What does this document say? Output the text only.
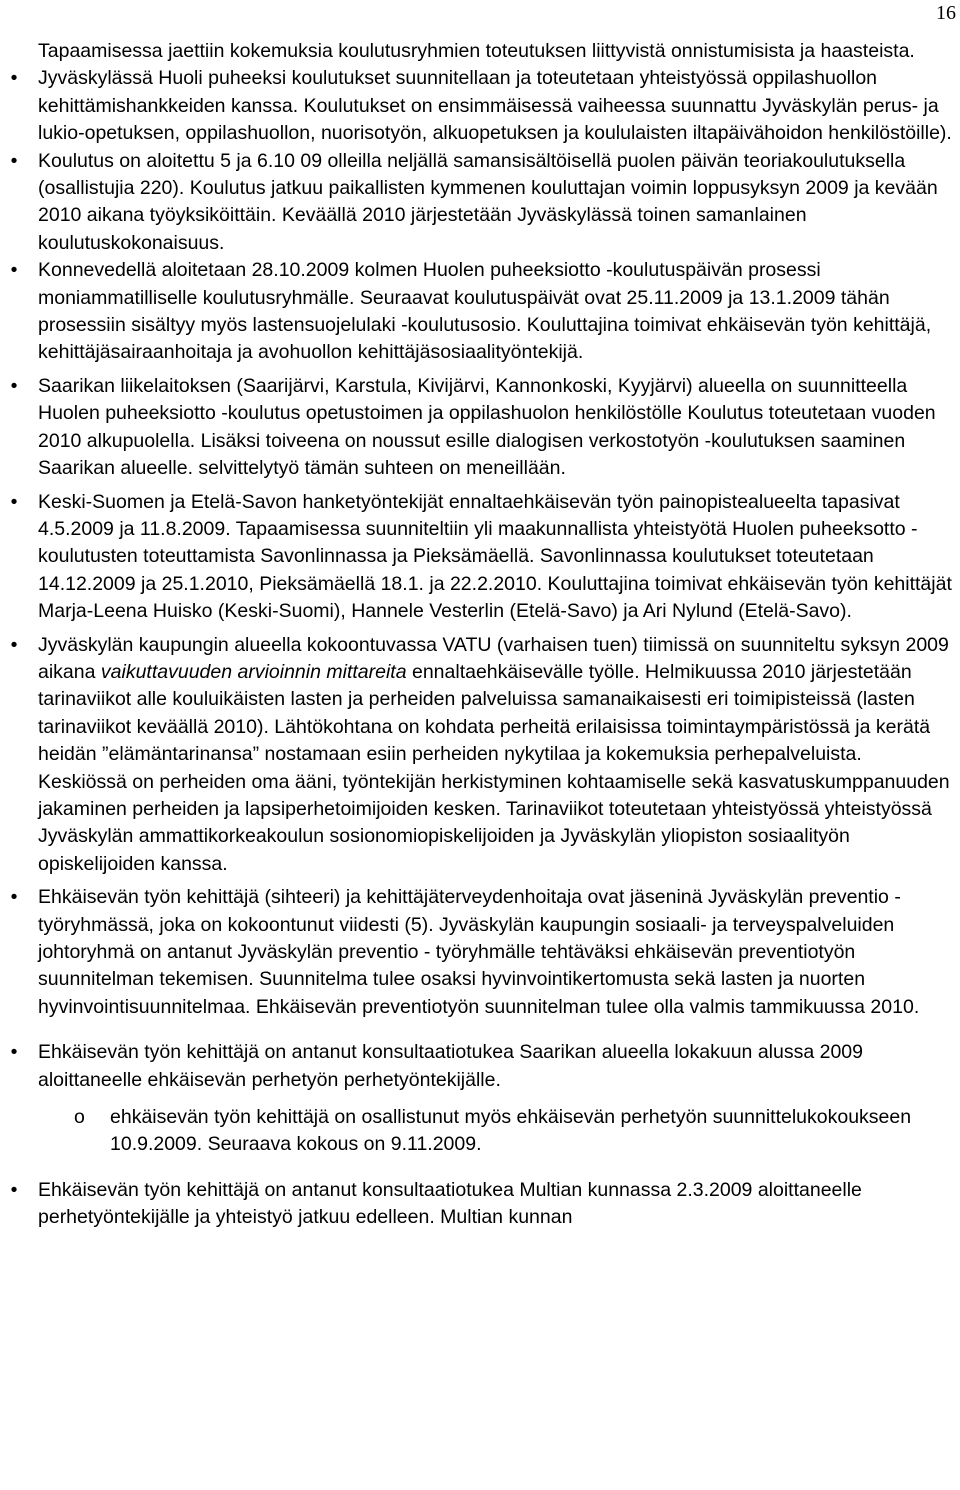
16

Tapaamisessa jaettiin kokemuksia koulutusryhmien toteutuksen liittyvistä onnistumisista ja haasteista.

•	Jyväskylässä Huoli puheeksi koulutukset suunnitellaan ja toteutetaan yhteistyössä oppilashuollon kehittämishankkeiden kanssa. Koulutukset on ensimmäisessä vaiheessa suunnattu Jyväskylän perus- ja lukio-opetuksen, oppilashuollon, nuorisotyön, alkuopetuksen ja koululaisten iltapäivähoidon henkilöstöille).
•	Koulutus on aloitettu 5 ja 6.10 09 olleilla neljällä samansisältöisellä puolen päivän teoriakoulutuksella (osallistujia 220). Koulutus jatkuu paikallisten kymmenen kouluttajan voimin loppusyksyn 2009 ja kevään 2010 aikana työyksiköittäin. Keväällä 2010 järjestetään Jyväskylässä toinen samanlainen koulutuskokonaisuus.
•	Konnevedellä aloitetaan 28.10.2009 kolmen Huolen puheeksiotto -koulutuspäivän prosessi moniammatilliselle koulutusryhmälle. Seuraavat koulutuspäivät ovat 25.11.2009 ja 13.1.2009 tähän prosessiin sisältyy myös lastensuojelulaki -koulutusosio. Kouluttajina toimivat ehkäisevän työn kehittäjä, kehittäjäsairaanhoitaja ja avohuollon kehittäjäsosiaalityöntekijä.
•	Saarikan liikelaitoksen (Saarijärvi, Karstula, Kivijärvi, Kannonkoski, Kyyjärvi) alueella on suunnitteella Huolen puheeksiotto -koulutus opetustoimen ja oppilashuolon henkilöstölle Koulutus toteutetaan vuoden 2010 alkupuolella. Lisäksi toiveena on noussut esille dialogisen verkostotyön -koulutuksen saaminen Saarikan alueelle. selvittelytyö tämän suhteen on meneillään.
•	Keski-Suomen ja Etelä-Savon hanketyöntekijät ennaltaehkäisevän työn painopistealueelta tapasivat 4.5.2009 ja 11.8.2009. Tapaamisessa suunniteltiin yli maakunnallista yhteistyötä Huolen puheeksotto -koulutusten toteuttamista Savonlinnassa ja Pieksämäellä. Savonlinnassa koulutukset toteutetaan 14.12.2009 ja 25.1.2010, Pieksämäellä 18.1. ja 22.2.2010. Kouluttajina toimivat ehkäisevän työn kehittäjät Marja-Leena Huisko (Keski-Suomi), Hannele Vesterlin (Etelä-Savo) ja Ari Nylund (Etelä-Savo).
•	Jyväskylän kaupungin alueella kokoontuvassa VATU (varhaisen tuen) tiimissä on suunniteltu syksyn 2009 aikana vaikuttavuuden arvioinnin mittareita ennaltaehkäisevälle työlle. Helmikuussa 2010 järjestetään tarinaviikot alle kouluikäisten lasten ja perheiden palveluissa samanaikaisesti eri toimipisteissä (lasten tarinaviikot keväällä 2010). Lähtökohtana on kohdata perheitä erilaisissa toimintaympäristössä ja kerätä heidän ”elämäntarinansa” nostamaan esiin perheiden nykytilaa ja kokemuksia perhepalveluista. Keskiössä on perheiden oma ääni, työntekijän herkistyminen kohtaamiselle sekä kasvatuskumppanuuden jakaminen perheiden ja lapsiperhetoimijoiden kesken. Tarinaviikot toteutetaan yhteistyössä yhteistyössä Jyväskylän ammattikorkeakoulun sosionomiopiskelijoiden ja Jyväskylän yliopiston sosiaalityön opiskelijoiden kanssa.
•	Ehkäisevän työn kehittäjä (sihteeri) ja kehittäjäterveydenhoitaja ovat jäseninä Jyväskylän preventio -työryhmässä, joka on kokoontunut viidesti (5). Jyväskylän kaupungin sosiaali- ja terveyspalveluiden johtoryhmä on antanut Jyväskylän preventio - työryhmälle tehtäväksi ehkäisevän preventiotyön suunnitelman tekemisen. Suunnitelma tulee osaksi hyvinvointikertomusta sekä lasten ja nuorten hyvinvointisuunnitelmaa. Ehkäisevän preventiotyön suunnitelman tulee olla valmis tammikuussa 2010.
•	Ehkäisevän työn kehittäjä on antanut konsultaatiotukea Saarikan alueella lokakuun alussa 2009 aloittaneelle ehkäisevän perhetyön perhetyöntekijälle.
o ehkäisevän työn kehittäjä on osallistunut myös ehkäisevän perhetyön suunnittelukokoukseen 10.9.2009. Seuraava kokous on 9.11.2009.
•	Ehkäisevän työn kehittäjä on antanut konsultaatiotukea Multian kunnassa 2.3.2009 aloittaneelle perhetyöntekijälle ja yhteistyö jatkuu edelleen. Multian kunnan
